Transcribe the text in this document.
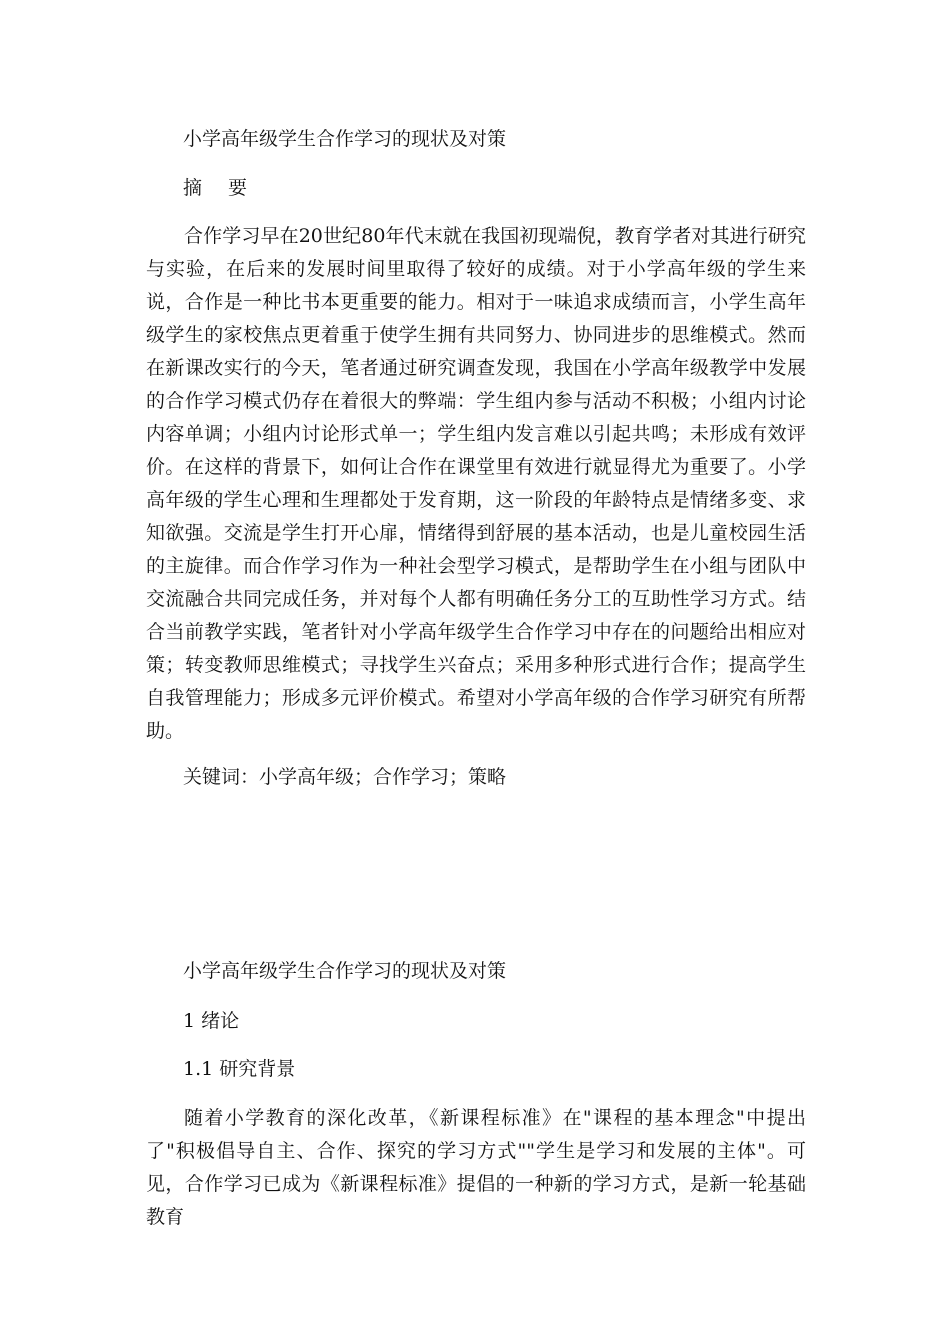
小学高年级学生合作学习的现状及对策
摘 要

合作学习早在20世纪80年代末就在我国初现端倪，教育学者对其进行研究与实验，在后来的发展时间里取得了较好的成绩。对于小学高年级的学生来说，合作是一种比书本更重要的能力。相对于一味追求成绩而言，小学生高年级学生的家校焦点更着重于使学生拥有共同努力、协同进步的思维模式。然而在新课改实行的今天，笔者通过研究调查发现，我国在小学高年级教学中发展的合作学习模式仍存在着很大的弊端：学生组内参与活动不积极；小组内讨论内容单调；小组内讨论形式单一；学生组内发言难以引起共鸣；未形成有效评价。在这样的背景下，如何让合作在课堂里有效进行就显得尤为重要了。小学高年级的学生心理和生理都处于发育期，这一阶段的年龄特点是情绪多变、求知欲强。交流是学生打开心扉，情绪得到舒展的基本活动，也是儿童校园生活的主旋律。而合作学习作为一种社会型学习模式，是帮助学生在小组与团队中交流融合共同完成任务，并对每个人都有明确任务分工的互助性学习方式。结合当前教学实践，笔者针对小学高年级学生合作学习中存在的问题给出相应对策；转变教师思维模式；寻找学生兴奋点；采用多种形式进行合作；提高学生自我管理能力；形成多元评价模式。希望对小学高年级的合作学习研究有所帮助。

关键词：小学高年级；合作学习；策略
小学高年级学生合作学习的现状及对策
1 绪论
1.1 研究背景

随着小学教育的深化改革，《新课程标准》在"课程的基本理念"中提出了"积极倡导自主、合作、探究的学习方式""学生是学习和发展的主体"。可见，合作学习已成为《新课程标准》提倡的一种新的学习方式，是新一轮基础教育
